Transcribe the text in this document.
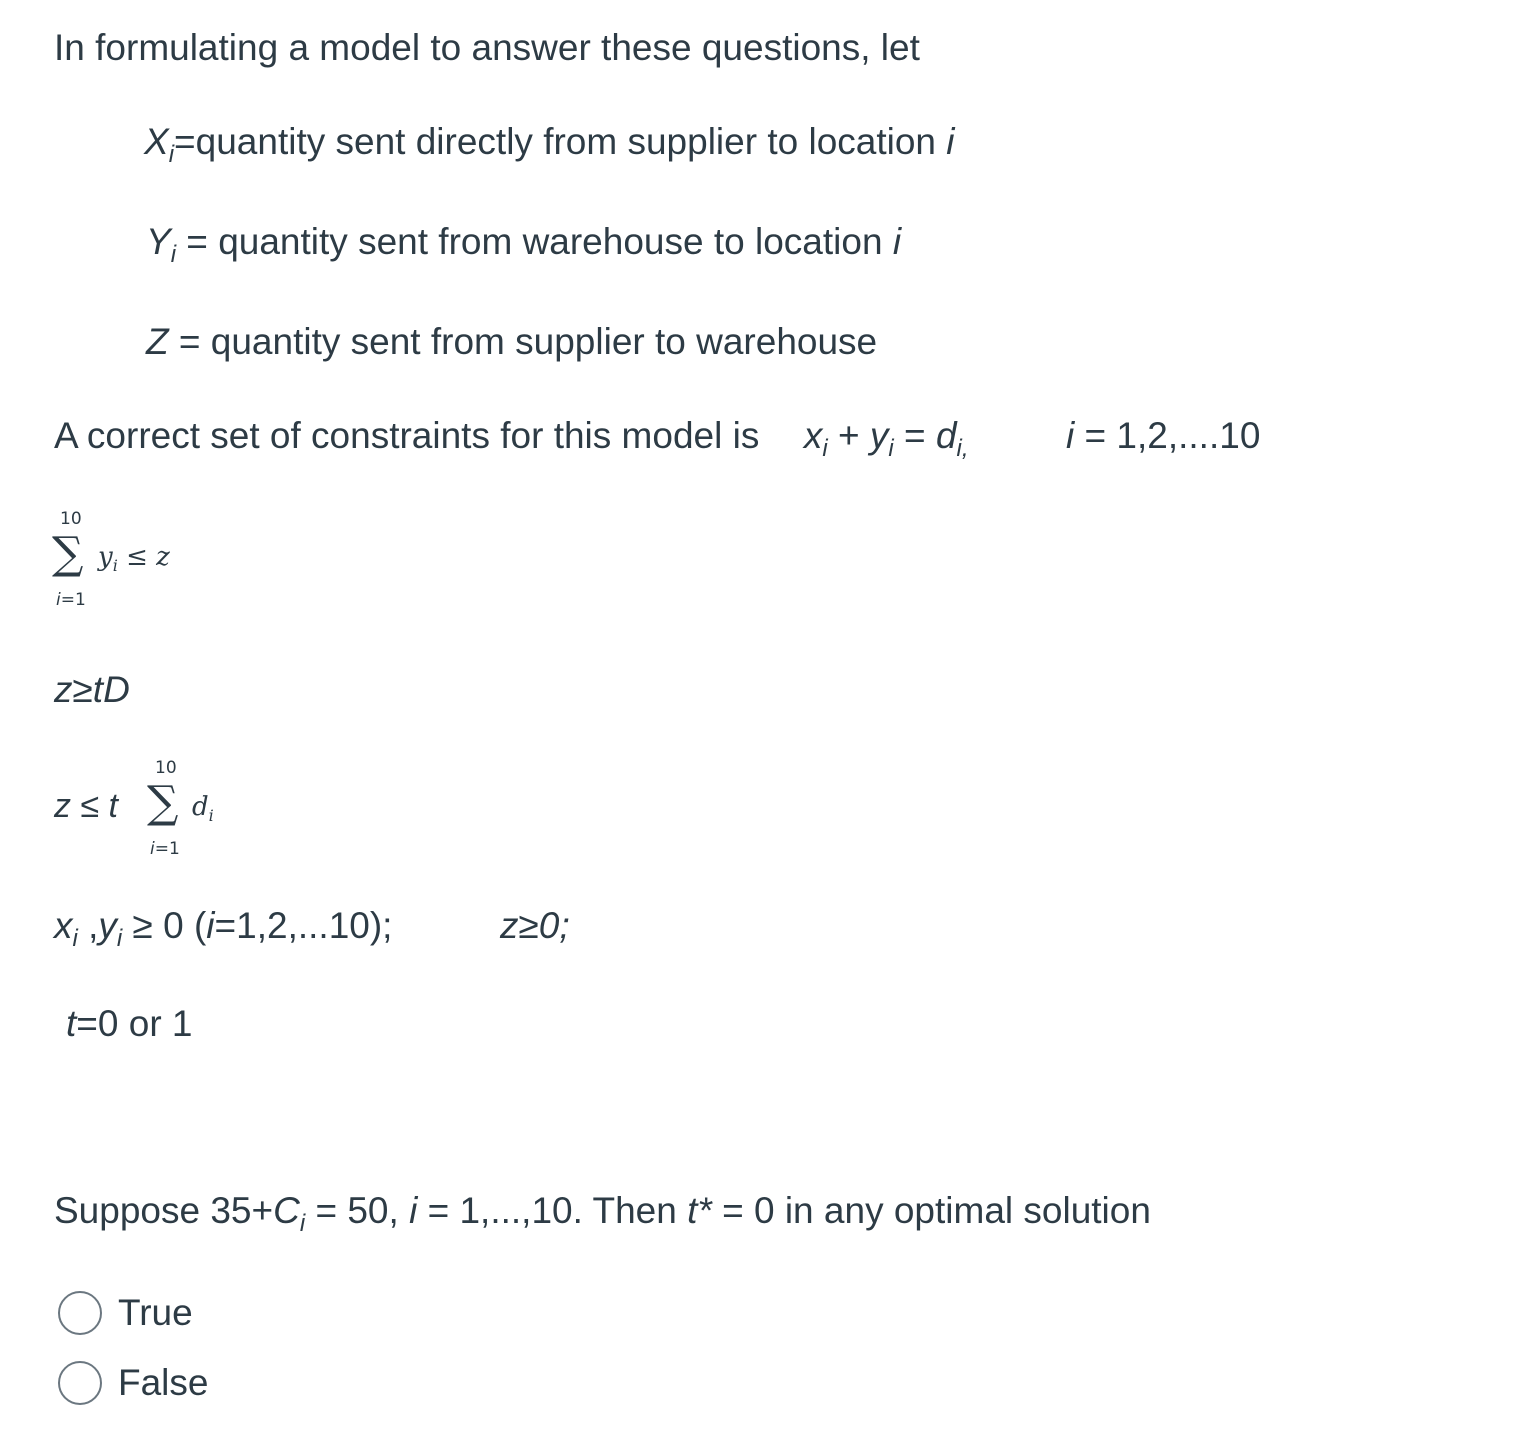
In formulating a model to answer these questions, let
$X_i=quantity$ sent directly from supplier to location i
$Y_i$ = quantity sent from warehouse to location i
Z = quantity sent from supplier to warehouse
A correct set of constraints for this model is $x_i + y_i = d_{i,}$	i = 1,2,....10
10
∑
i=1
$y_i \le z$
z≥tD
z ≤ t
10
∑
i=1
$d_i$
$x_i$ $,y_i \ge 0$ (i=1,2,...10);	z≥0;
t=0 or 1
Suppose $35+C_i = 50$, i = 1,...,10. Then t* = 0 in any optimal solution
True
False
